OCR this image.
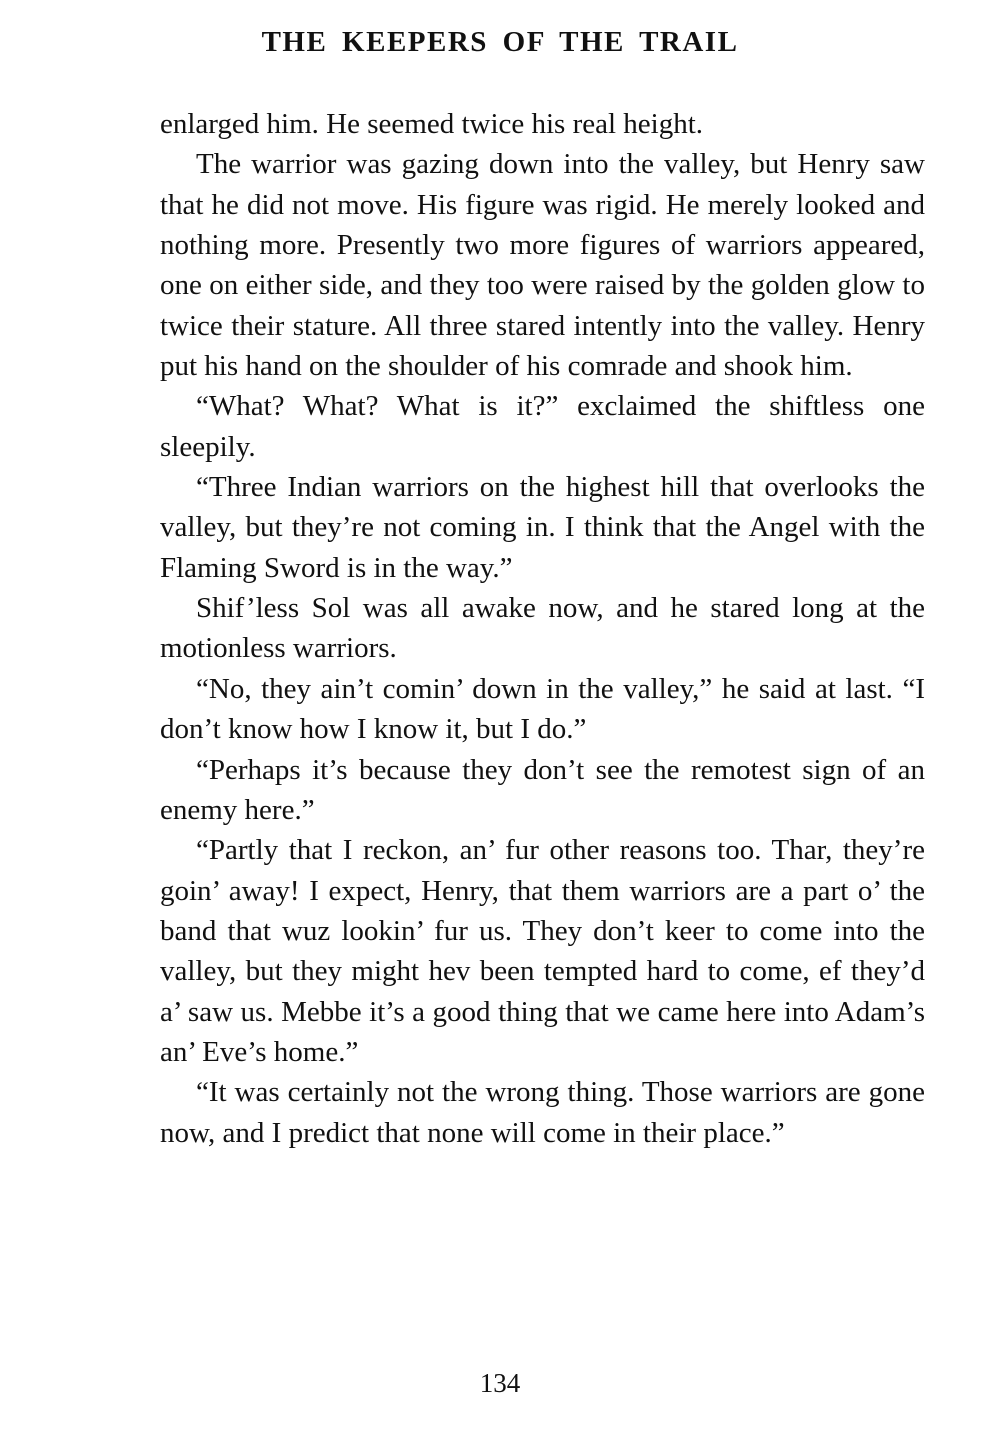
THE KEEPERS OF THE TRAIL

enlarged him. He seemed twice his real height.

The warrior was gazing down into the valley, but Henry saw that he did not move. His figure was rigid. He merely looked and nothing more. Presently two more figures of warriors appeared, one on either side, and they too were raised by the golden glow to twice their stature. All three stared intently into the valley. Henry put his hand on the shoulder of his comrade and shook him.

“What? What? What is it?” exclaimed the shiftless one sleepily.

“Three Indian warriors on the highest hill that overlooks the valley, but they’re not coming in. I think that the Angel with the Flaming Sword is in the way.”

Shif’less Sol was all awake now, and he stared long at the motionless warriors.

“No, they ain’t comin’ down in the valley,” he said at last. “I don’t know how I know it, but I do.”

“Perhaps it’s because they don’t see the remotest sign of an enemy here.”

“Partly that I reckon, an’ fur other reasons too. Thar, they’re goin’ away! I expect, Henry, that them warriors are a part o’ the band that wuz lookin’ fur us. They don’t keer to come into the valley, but they might hev been tempted hard to come, ef they’d a’ saw us. Mebbe it’s a good thing that we came here into Adam’s an’ Eve’s home.”

“It was certainly not the wrong thing. Those warriors are gone now, and I predict that none will come in their place.”

134
